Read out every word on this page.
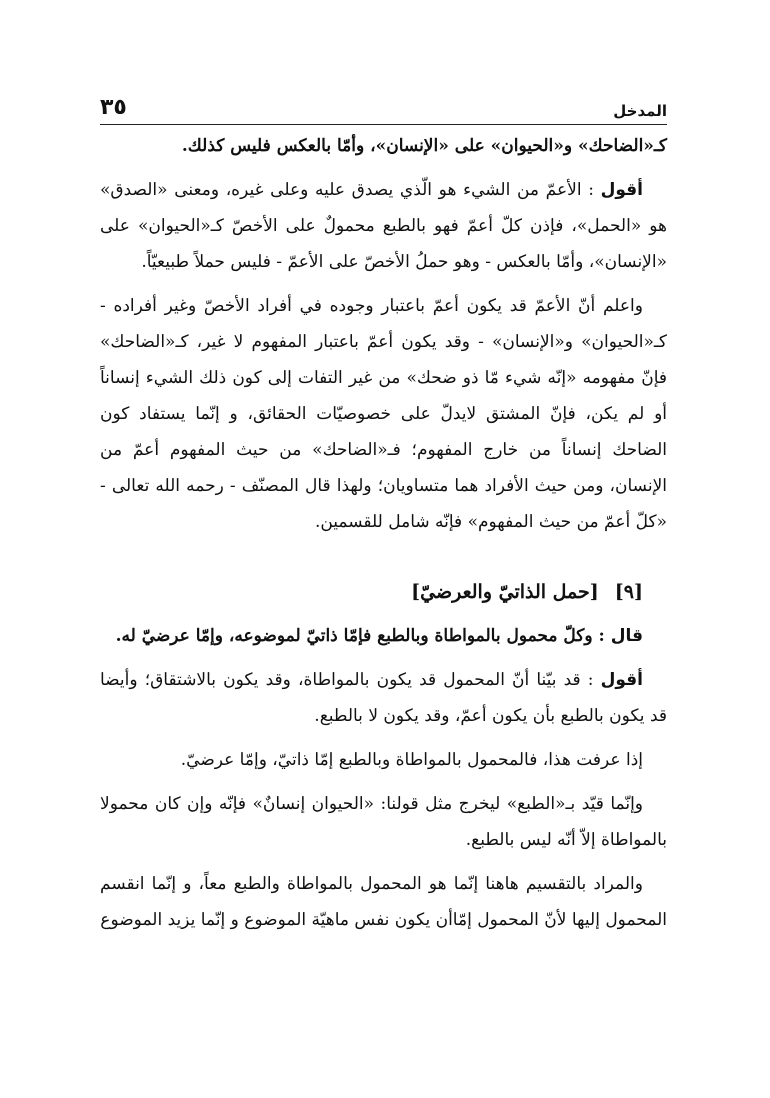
المدخل
٣٥

كـ«الضاحك» و«الحيوان» على «الإنسان»، وأمّا بالعكس فليس كذلك.

أقول : الأعمّ من الشيء هو الّذي يصدق عليه وعلى غيره، ومعنى «الصدق» هو «الحمل»، فإذن كلّ أعمّ فهو بالطبع محمولٌ على الأخصّ كـ«الحيوان» على «الإنسان»، وأمّا بالعكس - وهو حملُ الأخصّ على الأعمّ - فليس حملاً طبيعيّاً.

واعلم أنّ الأعمّ قد يكون أعمّ باعتبار وجوده في أفراد الأخصّ وغير أفراده - كـ«الحيوان» و«الإنسان» - وقد يكون أعمّ باعتبار المفهوم لا غير، كـ«الضاحك» فإنّ مفهومه «إنّه شيء مّا ذو ضحك» من غير التفات إلى كون ذلك الشيء إنساناً أو لم يكن، فإنّ المشتق لايدلّ على خصوصيّات الحقائق، و إنّما يستفاد كون الضاحك إنساناً من خارج المفهوم؛ فـ«الضاحك» من حيث المفهوم أعمّ من الإنسان، ومن حيث الأفراد هما متساويان؛ ولهذا قال المصنّف - رحمه الله تعالى - «كلّ أعمّ من حيث المفهوم» فإنّه شامل للقسمين.

[٩][حمل الذاتيّ والعرضيّ]

قال : وكلّ محمول بالمواطاة وبالطبع فإمّا ذاتيّ لموضوعه، وإمّا عرضيّ له.

أقول : قد بيّنا أنّ المحمول قد يكون بالمواطاة، وقد يكون بالاشتقاق؛ وأيضا قد يكون بالطبع بأن يكون أعمّ، وقد يكون لا بالطبع.

إذا عرفت هذا، فالمحمول بالمواطاة وبالطبع إمّا ذاتيّ، وإمّا عرضيّ.

وإنّما قيّد بـ«الطبع» ليخرج مثل قولنا: «الحيوان إنسانٌ» فإنّه وإن كان محمولا بالمواطاة إلاّ أنّه ليس بالطبع.

والمراد بالتقسيم هاهنا إنّما هو المحمول بالمواطاة والطبع معاً، و إنّما انقسم المحمول إليها لأنّ المحمول إمّاأن يكون نفس ماهيّة الموضوع و إنّما يزيد الموضوع
